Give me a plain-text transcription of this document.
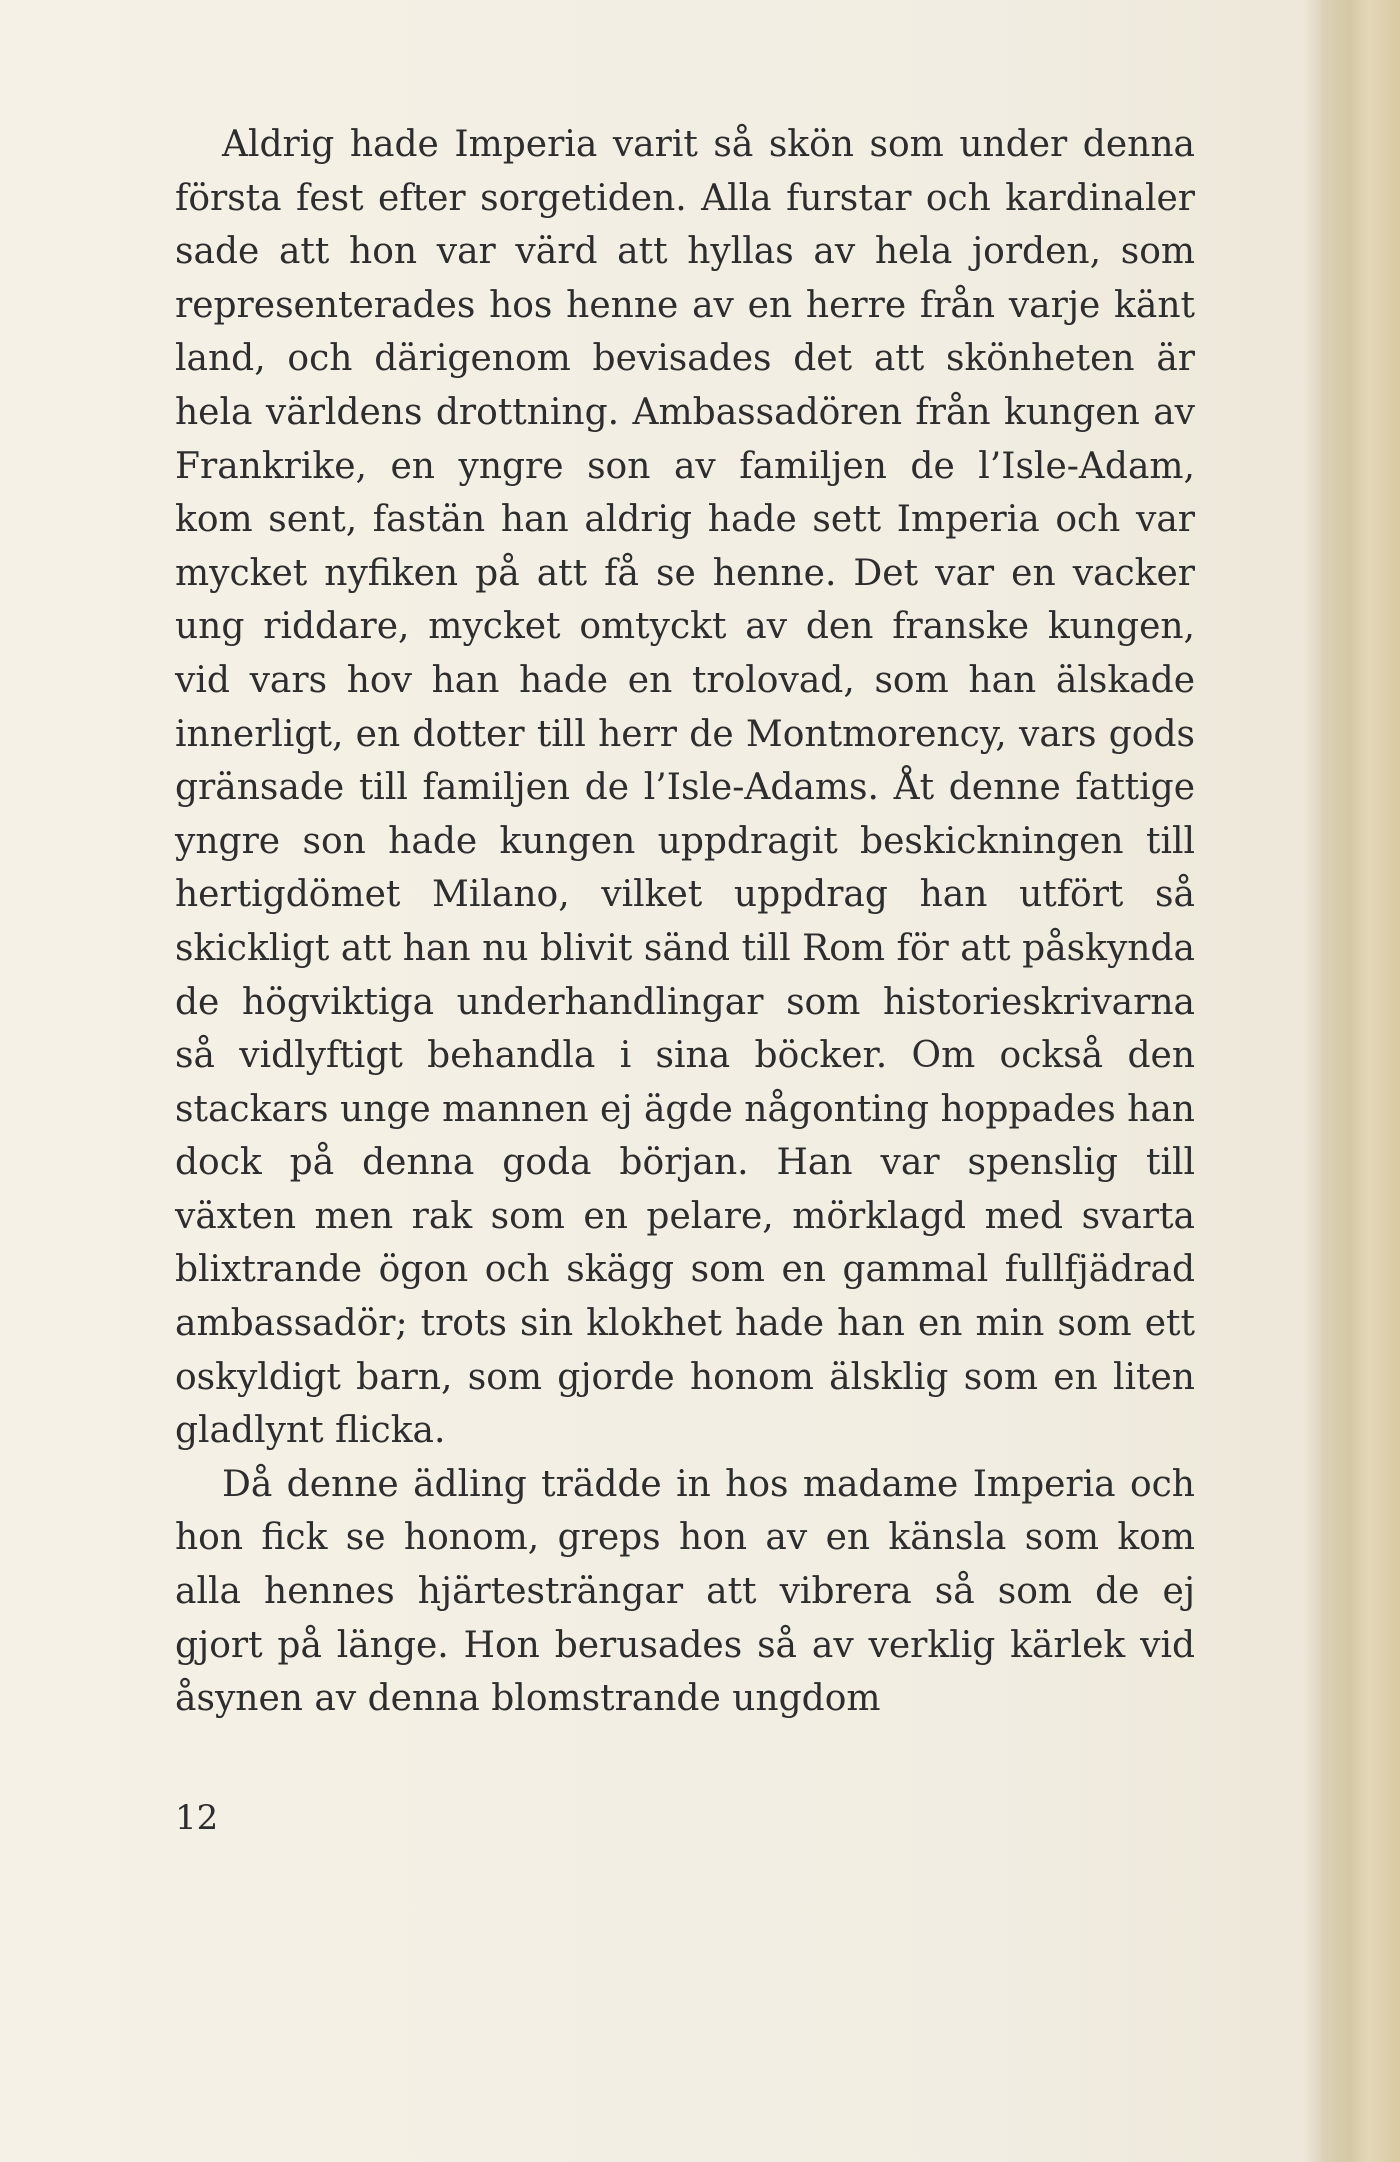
Aldrig hade Imperia varit så skön som under denna första fest efter sorgetiden. Alla furstar och kardinaler sade att hon var värd att hyllas av hela jorden, som representerades hos henne av en herre från varje känt land, och därigenom bevisades det att skönheten är hela världens drottning. Ambassadören från kungen av Frankrike, en yngre son av familjen de l’Isle-Adam, kom sent, fastän han aldrig hade sett Imperia och var mycket nyfiken på att få se henne. Det var en vacker ung riddare, mycket omtyckt av den franske kungen, vid vars hov han hade en trolovad, som han älskade innerligt, en dotter till herr de Montmorency, vars gods gränsade till familjen de l’Isle-Adams. Åt denne fattige yngre son hade kungen uppdragit beskickningen till hertigdömet Milano, vilket uppdrag han utfört så skickligt att han nu blivit sänd till Rom för att påskynda de högviktiga underhandlingar som historieskrivarna så vidlyftigt behandla i sina böcker. Om också den stackars unge mannen ej ägde någonting hoppades han dock på denna goda början. Han var spenslig till växten men rak som en pelare, mörklagd med svarta blixtrande ögon och skägg som en gammal fullfjädrad ambassadör; trots sin klokhet hade han en min som ett oskyldigt barn, som gjorde honom älsklig som en liten gladlynt flicka.

Då denne ädling trädde in hos madame Imperia och hon fick se honom, greps hon av en känsla som kom alla hennes hjärtesträngar att vibrera så som de ej gjort på länge. Hon berusades så av verklig kärlek vid åsynen av denna blomstrande ungdom

12
